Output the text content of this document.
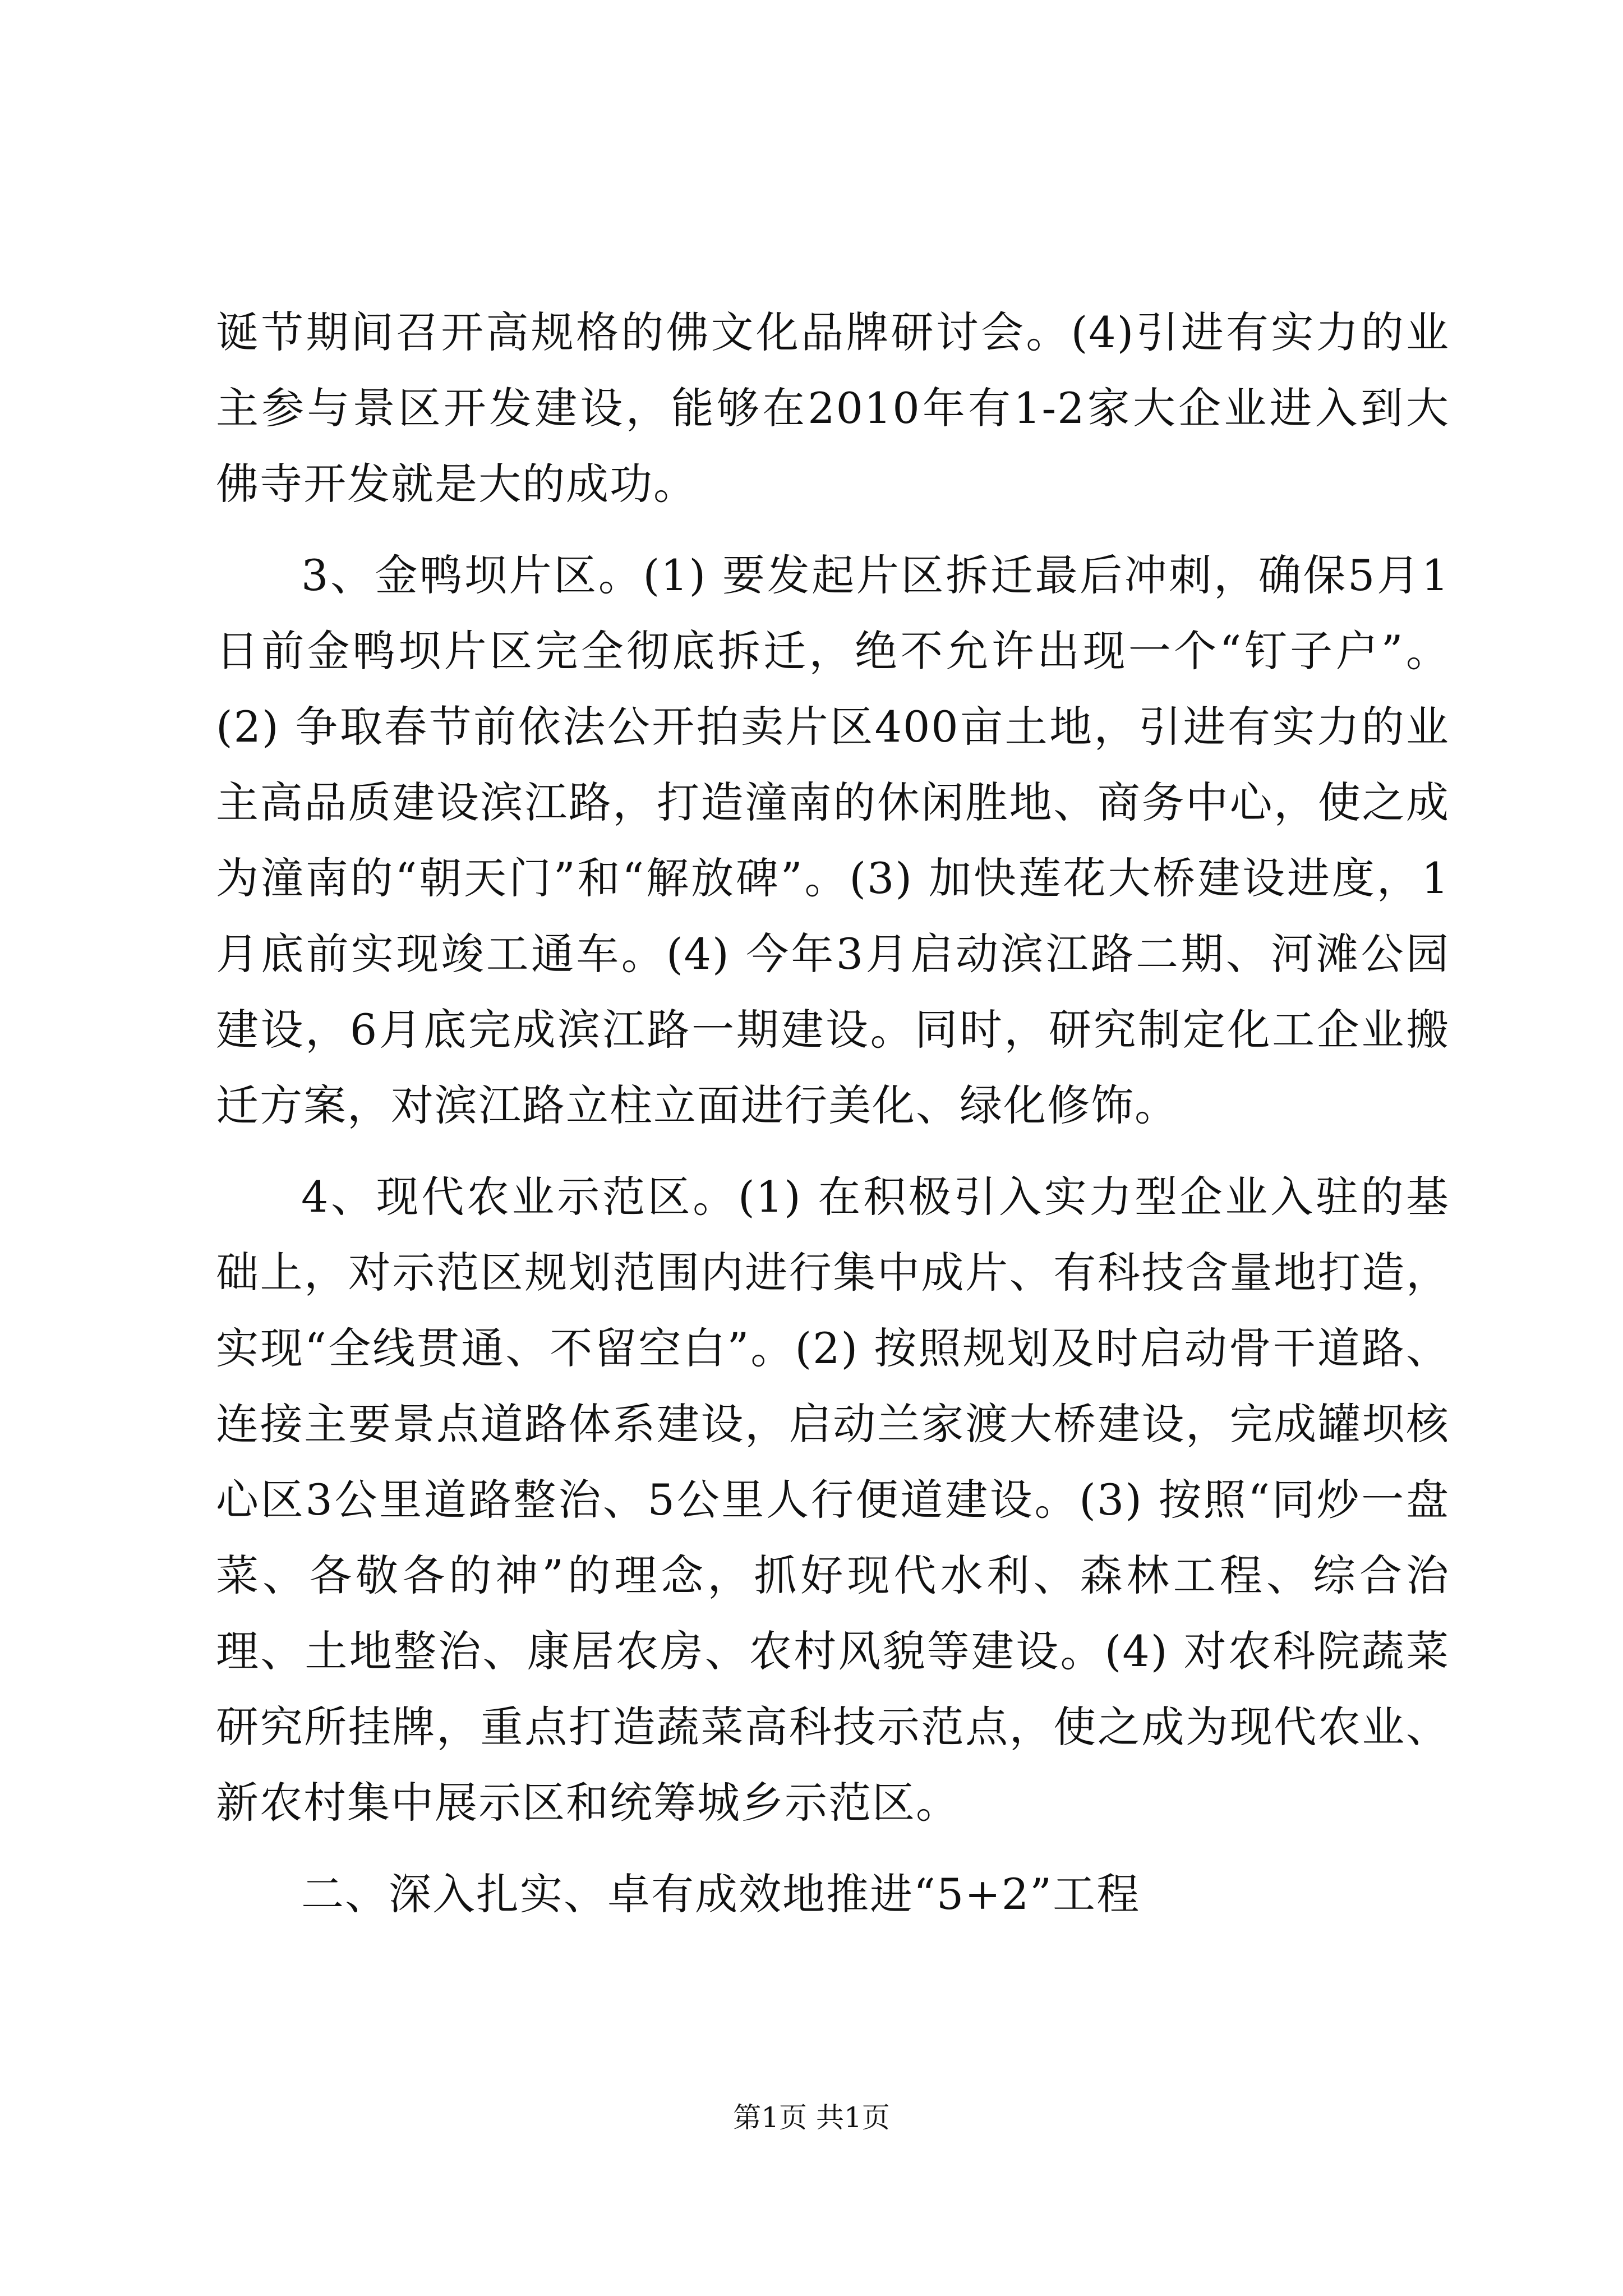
诞节期间召开高规格的佛文化品牌研讨会。(4)引进有实力的业主参与景区开发建设，能够在2010年有1-2家大企业进入到大佛寺开发就是大的成功。

3、金鸭坝片区。(1) 要发起片区拆迁最后冲刺，确保5月1日前金鸭坝片区完全彻底拆迁，绝不允许出现一个“钉子户”。(2) 争取春节前依法公开拍卖片区400亩土地，引进有实力的业主高品质建设滨江路，打造潼南的休闲胜地、商务中心，使之成为潼南的“朝天门”和“解放碑”。(3) 加快莲花大桥建设进度，1月底前实现竣工通车。(4) 今年3月启动滨江路二期、河滩公园建设，6月底完成滨江路一期建设。同时，研究制定化工企业搬迁方案，对滨江路立柱立面进行美化、绿化修饰。

4、现代农业示范区。(1) 在积极引入实力型企业入驻的基础上，对示范区规划范围内进行集中成片、有科技含量地打造，实现“全线贯通、不留空白”。(2) 按照规划及时启动骨干道路、连接主要景点道路体系建设，启动兰家渡大桥建设，完成罐坝核心区3公里道路整治、5公里人行便道建设。(3) 按照“同炒一盘菜、各敬各的神”的理念，抓好现代水利、森林工程、综合治理、土地整治、康居农房、农村风貌等建设。(4) 对农科院蔬菜研究所挂牌，重点打造蔬菜高科技示范点，使之成为现代农业、新农村集中展示区和统筹城乡示范区。

二、深入扎实、卓有成效地推进“5+2”工程

第1页 共1页
